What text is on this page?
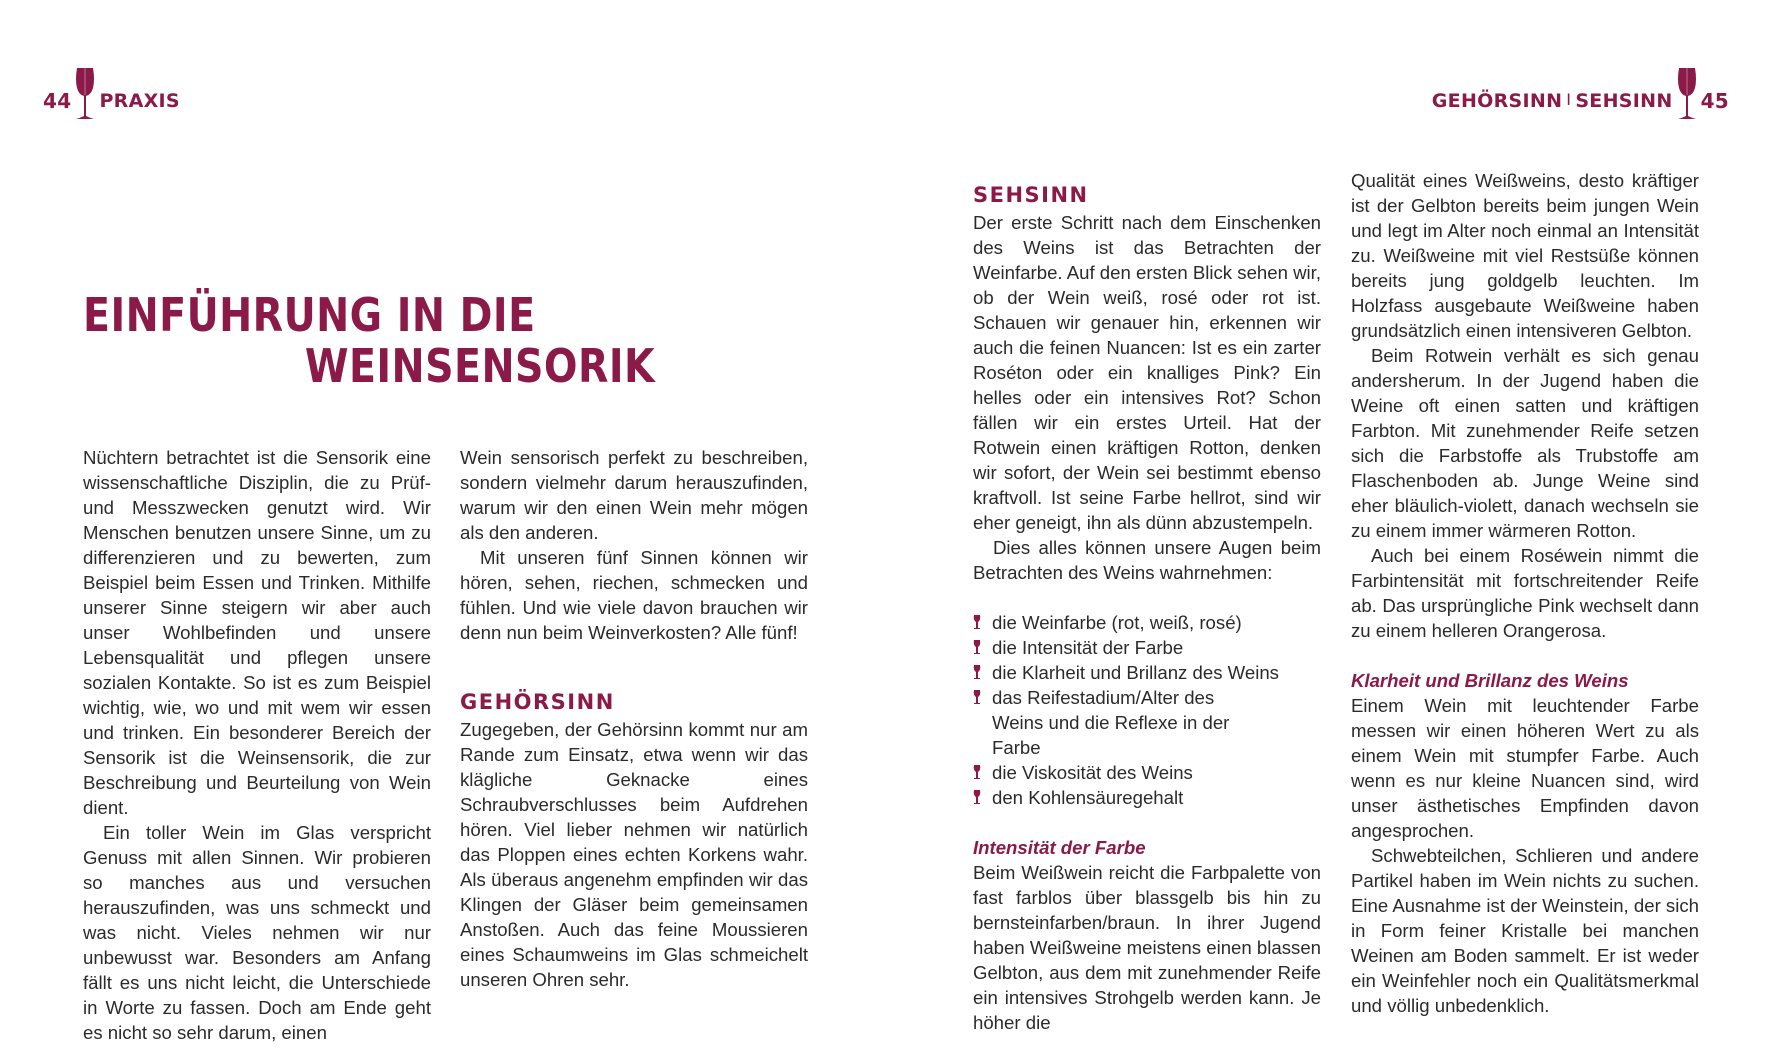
44 PRAXIS	GEHÖRSINN I SEHSINN 45
EINFÜHRUNG IN DIE
WEINSENSORIK

Nüchtern betrachtet ist die Sensorik eine wissenschaftliche Disziplin, die zu Prüf- und Messzwecken genutzt wird. Wir Menschen benutzen unsere Sinne, um zu differenzieren und zu bewerten, zum Beispiel beim Essen und Trinken. Mithilfe unserer Sinne steigern wir aber auch unser Wohlbefinden und unsere Lebensqualität und pflegen unsere sozialen Kontakte. So ist es zum Beispiel wichtig, wie, wo und mit wem wir essen und trinken. Ein besonderer Bereich der Sensorik ist die Weinsensorik, die zur Beschreibung und Beurteilung von Wein dient.

Ein toller Wein im Glas verspricht Genuss mit allen Sinnen. Wir probieren so manches aus und versuchen herauszufinden, was uns schmeckt und was nicht. Vieles nehmen wir nur unbewusst war. Besonders am Anfang fällt es uns nicht leicht, die Unterschiede in Worte zu fassen. Doch am Ende geht es nicht so sehr darum, einen

Wein sensorisch perfekt zu beschreiben, sondern vielmehr darum herauszufinden, warum wir den einen Wein mehr mögen als den anderen.

Mit unseren fünf Sinnen können wir hören, sehen, riechen, schmecken und fühlen. Und wie viele davon brauchen wir denn nun beim Weinverkosten? Alle fünf!

GEHÖRSINN

Zugegeben, der Gehörsinn kommt nur am Rande zum Einsatz, etwa wenn wir das klägliche Geknacke eines Schraubverschlusses beim Aufdrehen hören. Viel lieber nehmen wir natürlich das Ploppen eines echten Korkens wahr. Als überaus angenehm empfinden wir das Klingen der Gläser beim gemeinsamen Anstoßen. Auch das feine Moussieren eines Schaumweins im Glas schmeichelt unseren Ohren sehr.

SEHSINN

Der erste Schritt nach dem Einschenken des Weins ist das Betrachten der Weinfarbe. Auf den ersten Blick sehen wir, ob der Wein weiß, rosé oder rot ist. Schauen wir genauer hin, erkennen wir auch die feinen Nuancen: Ist es ein zarter Roséton oder ein knalliges Pink? Ein helles oder ein intensives Rot? Schon fällen wir ein erstes Urteil. Hat der Rotwein einen kräftigen Rotton, denken wir sofort, der Wein sei bestimmt ebenso kraftvoll. Ist seine Farbe hellrot, sind wir eher geneigt, ihn als dünn abzustempeln.

Dies alles können unsere Augen beim Betrachten des Weins wahrnehmen:

die Weinfarbe (rot, weiß, rosé)
die Intensität der Farbe
die Klarheit und Brillanz des Weins
das Reifestadium/Alter des Weins und die Reflexe in der Farbe
die Viskosität des Weins
den Kohlensäuregehalt
Intensität der Farbe

Beim Weißwein reicht die Farbpalette von fast farblos über blassgelb bis hin zu bernsteinfarben/braun. In ihrer Jugend haben Weißweine meistens einen blassen Gelbton, aus dem mit zunehmender Reife ein intensives Strohgelb werden kann. Je höher die

Qualität eines Weißweins, desto kräftiger ist der Gelbton bereits beim jungen Wein und legt im Alter noch einmal an Intensität zu. Weißweine mit viel Restsüße können bereits jung goldgelb leuchten. Im Holzfass ausgebaute Weißweine haben grundsätzlich einen intensiveren Gelbton.

Beim Rotwein verhält es sich genau andersherum. In der Jugend haben die Weine oft einen satten und kräftigen Farbton. Mit zunehmender Reife setzen sich die Farbstoffe als Trubstoffe am Flaschenboden ab. Junge Weine sind eher bläulich-violett, danach wechseln sie zu einem immer wärmeren Rotton.

Auch bei einem Roséwein nimmt die Farbintensität mit fortschreitender Reife ab. Das ursprüngliche Pink wechselt dann zu einem helleren Orangerosa.

Klarheit und Brillanz des Weins

Einem Wein mit leuchtender Farbe messen wir einen höheren Wert zu als einem Wein mit stumpfer Farbe. Auch wenn es nur kleine Nuancen sind, wird unser ästhetisches Empfinden davon angesprochen.

Schwebteilchen, Schlieren und andere Partikel haben im Wein nichts zu suchen. Eine Ausnahme ist der Weinstein, der sich in Form feiner Kristalle bei manchen Weinen am Boden sammelt. Er ist weder ein Weinfehler noch ein Qualitätsmerkmal und völlig unbedenklich.
